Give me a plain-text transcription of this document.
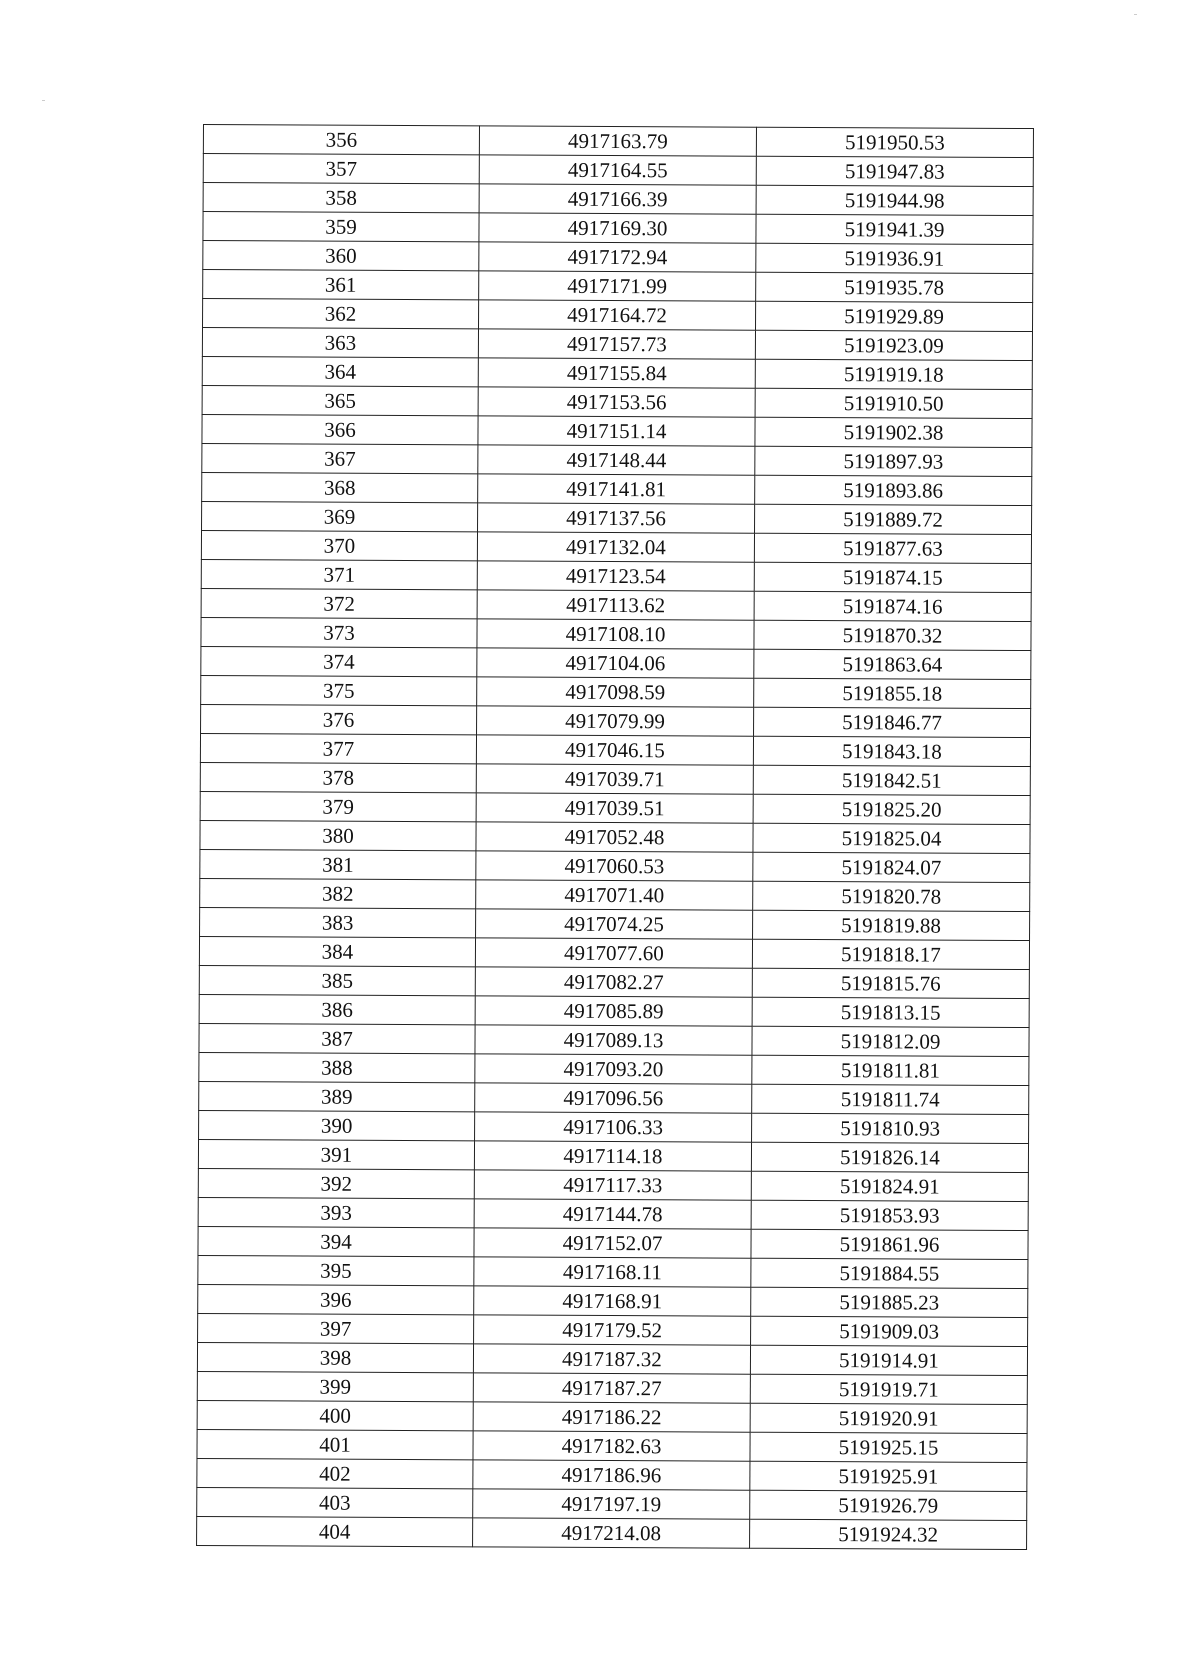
356	4917163.79	5191950.53
357	4917164.55	5191947.83
358	4917166.39	5191944.98
359	4917169.30	5191941.39
360	4917172.94	5191936.91
361	4917171.99	5191935.78
362	4917164.72	5191929.89
363	4917157.73	5191923.09
364	4917155.84	5191919.18
365	4917153.56	5191910.50
366	4917151.14	5191902.38
367	4917148.44	5191897.93
368	4917141.81	5191893.86
369	4917137.56	5191889.72
370	4917132.04	5191877.63
371	4917123.54	5191874.15
372	4917113.62	5191874.16
373	4917108.10	5191870.32
374	4917104.06	5191863.64
375	4917098.59	5191855.18
376	4917079.99	5191846.77
377	4917046.15	5191843.18
378	4917039.71	5191842.51
379	4917039.51	5191825.20
380	4917052.48	5191825.04
381	4917060.53	5191824.07
382	4917071.40	5191820.78
383	4917074.25	5191819.88
384	4917077.60	5191818.17
385	4917082.27	5191815.76
386	4917085.89	5191813.15
387	4917089.13	5191812.09
388	4917093.20	5191811.81
389	4917096.56	5191811.74
390	4917106.33	5191810.93
391	4917114.18	5191826.14
392	4917117.33	5191824.91
393	4917144.78	5191853.93
394	4917152.07	5191861.96
395	4917168.11	5191884.55
396	4917168.91	5191885.23
397	4917179.52	5191909.03
398	4917187.32	5191914.91
399	4917187.27	5191919.71
400	4917186.22	5191920.91
401	4917182.63	5191925.15
402	4917186.96	5191925.91
403	4917197.19	5191926.79
404	4917214.08	5191924.32
